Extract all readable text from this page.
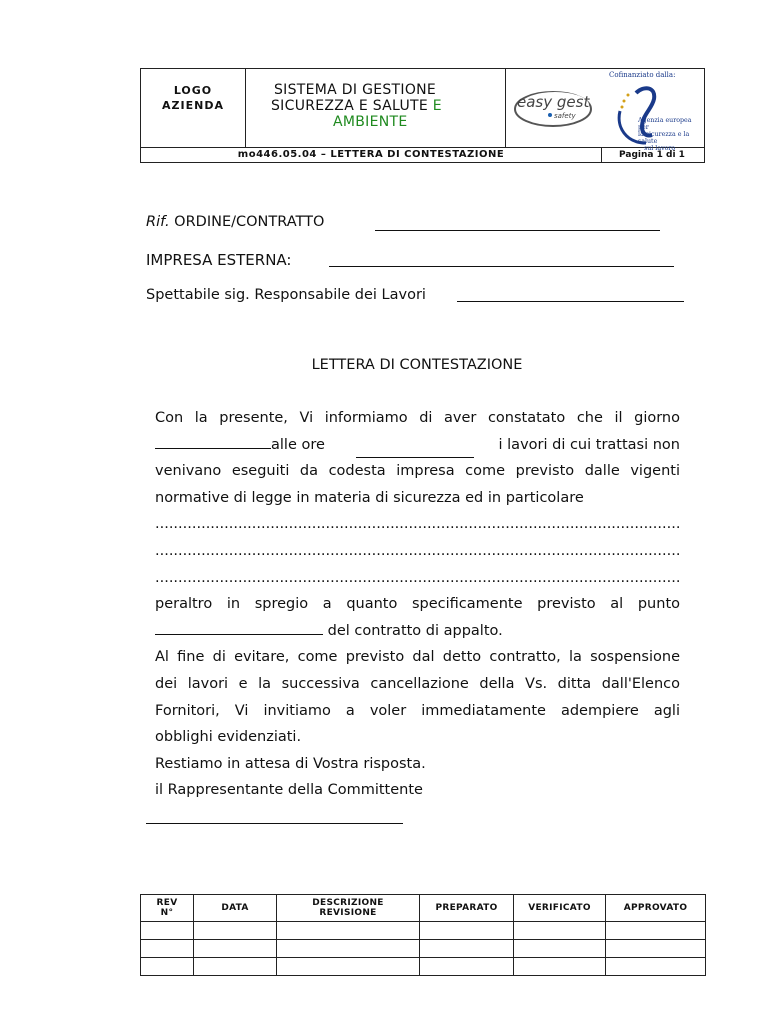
LOGO
AZIENDA
SISTEMA DI GESTIONE
SICUREZZA E SALUTE E
AMBIENTE
easy gest
safety
Cofinanziato dalla:
Agenzia europea per
la sicurezza e la salute
sul lavoro
mo446.05.04 – LETTERA DI CONTESTAZIONE	Pagina 1 di 1
Rif. ORDINE/CONTRATTO
IMPRESA ESTERNA:
Spettabile sig. Responsabile dei Lavori
LETTERA DI CONTESTAZIONE
Con la presente, Vi informiamo di aver constatato che il giorno
alle ore	i lavori di cui trattasi non
venivano eseguiti da codesta impresa come previsto dalle vigenti
normative di legge in materia di sicurezza ed in particolare
..................................................................................................................
..................................................................................................................
..................................................................................................................
peraltro in spregio a quanto specificamente previsto al punto
del contratto di appalto.
Al fine di evitare, come previsto dal detto contratto, la sospensione
dei lavori e la successiva cancellazione della Vs. ditta dall'Elenco
Fornitori, Vi invitiamo a voler immediatamente adempiere agli
obblighi evidenziati.
Restiamo in attesa di Vostra risposta.
il Rappresentante della Committente
REV N°	DATA	DESCRIZIONE REVISIONE	PREPARATO	VERIFICATO	APPROVATO
